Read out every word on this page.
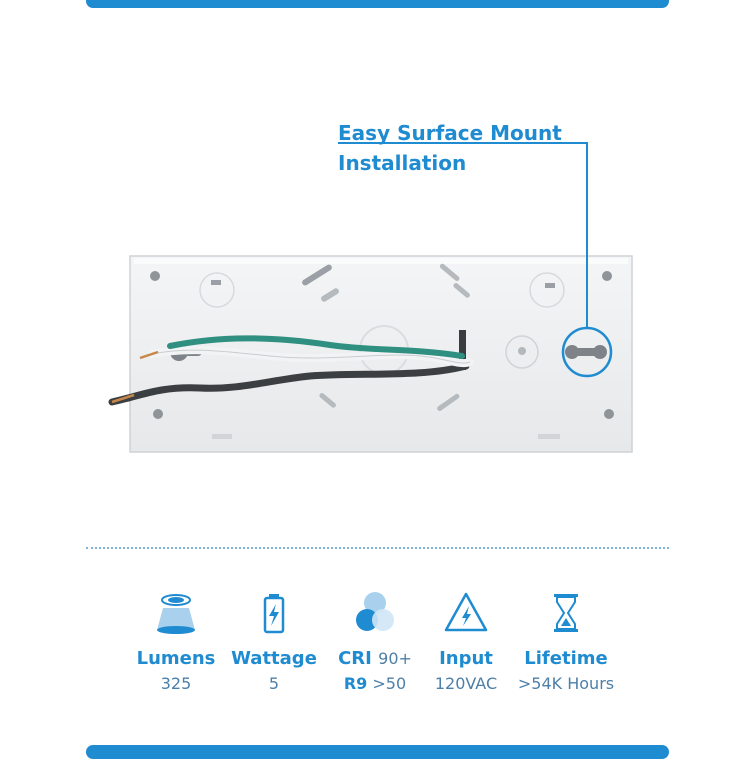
Easy Surface Mount
Installation
Lumens
325
Wattage
5
CRI 90+
R9 >50
Input
120VAC
Lifetime
>54K Hours
